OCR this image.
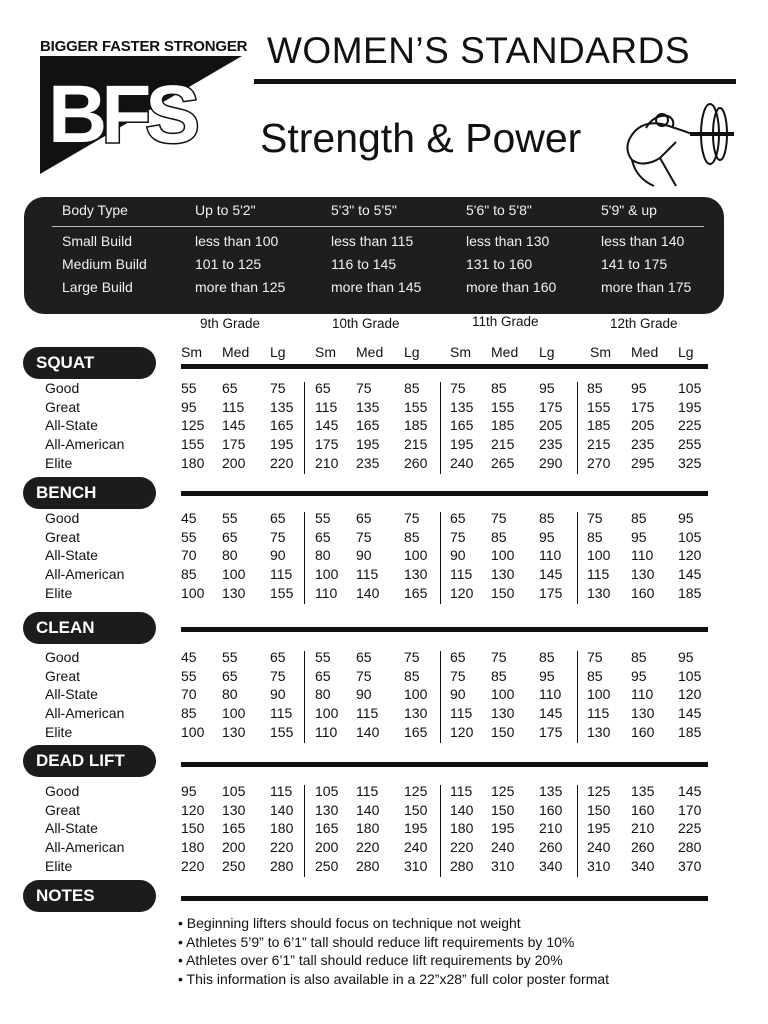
BIGGER FASTER STRONGER
BFS
WOMEN’S STANDARDS
Strength & Power
Body Type	Up to 5'2"	5'3" to 5'5"	5'6" to 5'8"	5'9" & up
Small Build	less than 100	less than 115	less than 130	less than 140
Medium Build	101 to 125	116 to 145	131 to 160	141 to 175
Large Build	more than 125	more than 145	more than 160	more than 175
9th Grade	10th Grade	11th Grade	12th Grade
Sm Med Lg Sm Med Lg Sm Med Lg	Sm Med Lg
SQUAT
Good	55 65 75 65 75 85 75 85 95 85 95 105
Great	95 115 135 115 135 155 135 155 175 155 175 195
All-State	125 145 165 145 165 185 165 185 205 185 205 225
All-American	155 175 195 175 195 215 195 215 235 215 235 255
Elite	180 200 220 210 235 260 240 265 290 270 295 325
BENCH
Good	45 55 65 55 65 75 65 75 85 75 85 95
Great	55 65 75 65 75 85 75 85 95 85 95 105
All-State	70 80 90 80 90 100 90 100 110 100 110 120
All-American	85 100 115 100 115 130 115 130 145 115 130 145
Elite	100 130 155 110 140 165 120 150 175 130 160 185
CLEAN
Good	45 55 65 55 65 75 65 75 85 75 85 95
Great	55 65 75 65 75 85 75 85 95 85 95 105
All-State	70 80 90 80 90 100 90 100 110 100 110 120
All-American	85 100 115 100 115 130 115 130 145 115 130 145
Elite	100 130 155 110 140 165 120 150 175 130 160 185
DEAD LIFT
Good	95 105 115 105 115 125 115 125 135 125 135 145
Great	120 130 140 130 140 150 140 150 160 150 160 170
All-State	150 165 180 165 180 195 180 195 210 195 210 225
All-American	180 200 220 200 220 240 220 240 260 240 260 280
Elite	220 250 280 250 280 310 280 310 340 310 340 370
NOTES
• Beginning lifters should focus on technique not weight
• Athletes 5’9” to 6’1” tall should reduce lift requirements by 10%
• Athletes over 6’1” tall should reduce lift requirements by 20%
• This information is also available in a 22”x28” full color poster format
